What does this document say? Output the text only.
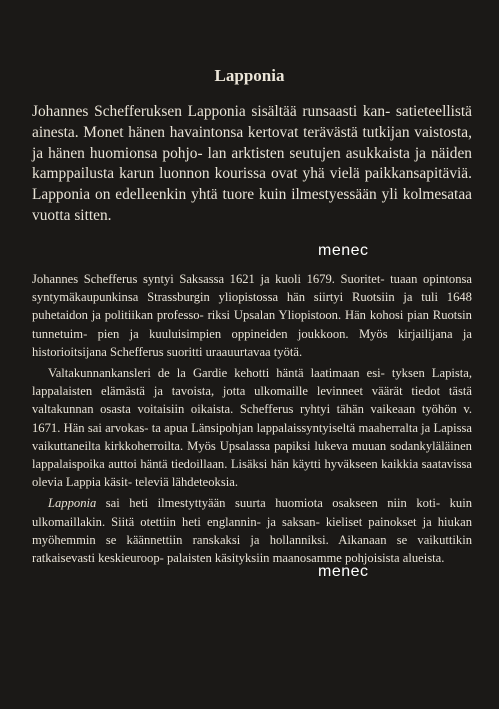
Lapponia

Johannes Schefferuksen Lapponia sisältää runsaasti kan- satieteellistä ainesta. Monet hänen havaintonsa kertovat terävästä tutkijan vaistosta, ja hänen huomionsa pohjo- lan arktisten seutujen asukkaista ja näiden kamppailusta karun luonnon kourissa ovat yhä vielä paikkansapitäviä. Lapponia on edelleenkin yhtä tuore kuin ilmestyessään yli kolmesataa vuotta sitten.

Johannes Schefferus syntyi Saksassa 1621 ja kuoli 1679. Suoritet- tuaan opintonsa syntymäkaupunkinsa Strassburgin yliopistossa hän siirtyi Ruotsiin ja tuli 1648 puhetaidon ja politiikan professo- riksi Upsalan Yliopistoon. Hän kohosi pian Ruotsin tunnetuim- pien ja kuuluisimpien oppineiden joukkoon. Myös kirjailijana ja historioitsijana Schefferus suoritti uraauurtavaa työtä.

Valtakunnankansleri de la Gardie kehotti häntä laatimaan esi- tyksen Lapista, lappalaisten elämästä ja tavoista, jotta ulkomaille levinneet väärät tiedot tästä valtakunnan osasta voitaisiin oikaista. Schefferus ryhtyi tähän vaikeaan työhön v. 1671. Hän sai arvokas- ta apua Länsipohjan lappalaissyntyiseltä maaherralta ja Lapissa vaikuttaneilta kirkkoherroilta. Myös Upsalassa papiksi lukeva muuan sodankyläläinen lappalaispoika auttoi häntä tiedoillaan. Lisäksi hän käytti hyväkseen kaikkia saatavissa olevia Lappia käsit- televiä lähdeteoksia.

Lapponia sai heti ilmestyttyään suurta huomiota osakseen niin koti- kuin ulkomaillakin. Siitä otettiin heti englannin- ja saksan- kieliset painokset ja hiukan myöhemmin se käännettiin ranskaksi ja hollanniksi. Aikanaan se vaikuttikin ratkaisevasti keskieuroop- palaisten käsityksiin maanosamme pohjoisista alueista.

menec
menec
